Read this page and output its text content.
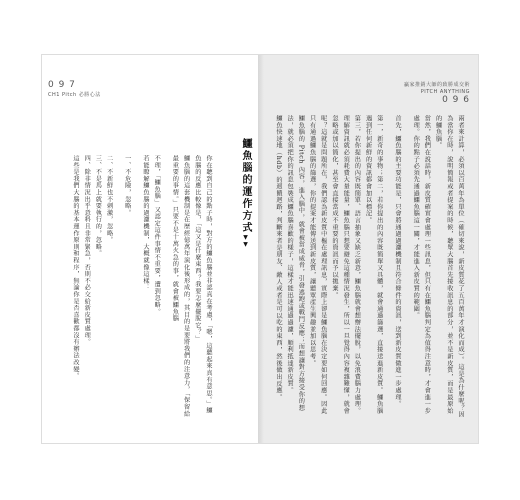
0 9 7
CH1 Pitch 必勝心法
鱷魚腦的運作方式▼▼

你在聽到自己的點子時，對方的鱷魚腦並非認真在考慮，「嗯，這聽起來真有意思。」鱷魚腦的反應比較像是，「這又是什麼東西？我要怎麼擺脫它？」

鱷魚腦的這套機制是在歷經億萬年演化後形成的，其目的是要將我們的注意力，「保留給最重要的事情。」只要不是十萬火急的事，就會被鱷魚腦

不理，「鱷魚腦」又認定這件事情不重要，遭到忽略。

若能瞭解鱷魚腦的過濾機制，大概就像這樣：

一、不危險，忽略。

二、不新鮮也不刺激，忽略。

三、不是馬上就要執行的，忽略。

四、除非情況出乎意料且非常緊急，否則不必交給新皮質處理。

這些是我們大腦的基本運作原則和程序，無論你是否喜歡都沒有辦法改變。

贏家推銷大師的致勝成交術
PITCH ANYTHING
0 9 6

兩者來計算，必須以百萬年為單位（確切來說，新皮質花了五百萬年才演化而成）。這是為什麼呢？因為當你在時，說明簡報或者提案的時候，聽眾大腦首先接收訊息的部分，並不是新皮質，而是最原始的鱷魚腦。

當然，我們在說話時，新皮質確實會處理一些訊息，但只有在鱷魚腦判定為值得注意時，才會進一步處理。你的點子必須先通過鱷魚腦這一關，才能進入新皮質的範圍。

首先，鱷魚腦的主要功能是，只會將通過過濾機制且符合條件的資訊，送到新皮質做進一步處理。

第一，新奇的事物；第二，若你提出的內容既簡單又具體，就會通過篩選，直接送進新皮質。鱷魚腦遇到任何新鮮的資訊都會加以標記。

第三，若你提出的內容既簡單、語言抽象又缺乏新意，鱷魚腦就會想辦法擺脫，以免浪費腦力處理。

理解資訊就必須耗費大量能量，鱷魚腦只想要避免這種情況發生，所以一旦覺得內容複雜難懂，就會忽略或加以簡化，甚至會直接當成不重要的資訊而予以拋棄。

呢？這就是問題所在，我們認為新皮質中樞在處理訊息，實際上卻是鱷魚腦在決定要如何回應。因此只有通過鱷魚腦的篩選，你的提案才能傳送到新皮質，讓聽眾產生興趣並加以思考。

鱷魚腦的 Pitch 內容，進入腦中，就會被當成威脅，引發逃跑或戰鬥反應；而想讓對方接受你的想法，就必須把你的訊息包裝成鱷魚腦喜歡的樣子，這樣才能迅速通過過濾，順利抵達新皮質。

鱷魚快速地（hdb）的迴饋迴路，判斷來者是朋友、敵人或者是可以吃的東西，然後做出反應。
